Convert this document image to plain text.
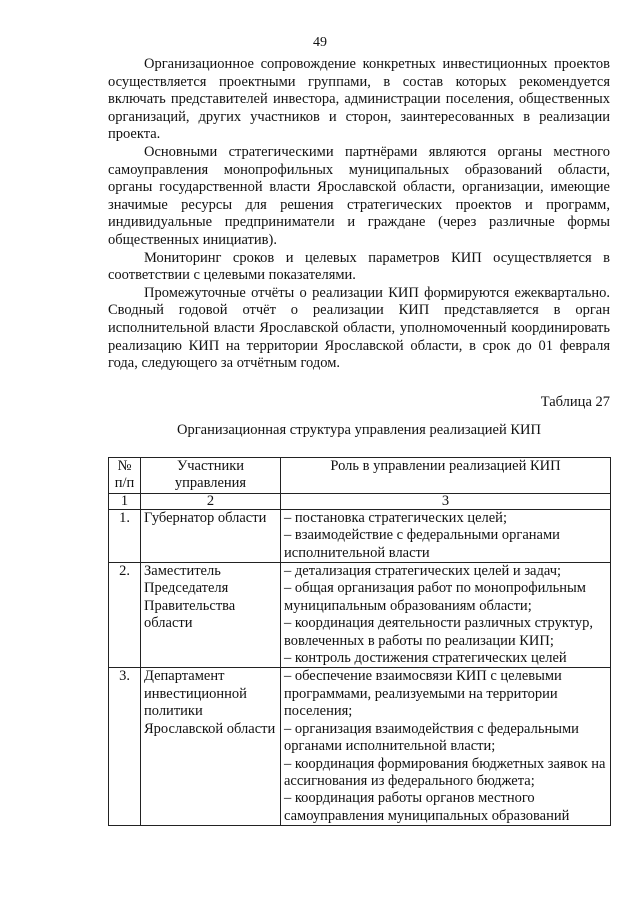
49

Организационное сопровождение конкретных инвестиционных проектов осуществляется проектными группами, в состав которых рекомендуется включать представителей инвестора, администрации поселения, общественных организаций, других участников и сторон, заинтересованных в реализации проекта.

Основными стратегическими партнёрами являются органы местного самоуправления монопрофильных муниципальных образований области, органы государственной власти Ярославской области, организации, имеющие значимые ресурсы для решения стратегических проектов и программ, индивидуальные предприниматели и граждане (через различные формы общественных инициатив).

Мониторинг сроков и целевых параметров КИП осуществляется в соответствии с целевыми показателями.

Промежуточные отчёты о реализации КИП формируются ежеквартально. Сводный годовой отчёт о реализации КИП представляется в орган исполнительной власти Ярославской области, уполномоченный координировать реализацию КИП на территории Ярославской области, в срок до 01 февраля года, следующего за отчётным годом.

Таблица 27
Организационная структура управления реализацией КИП
№ п/п	Участники управления	Роль в управлении реализацией КИП
1	2	3
1.	Губернатор области	– постановка стратегических целей;
– взаимодействие с федеральными органами исполнительной власти

2.	Заместитель Председателя Правительства области	– детализация стратегических целей и задач;
– общая организация работ по монопрофильным муниципальным образованиям области;
– координация деятельности различных структур, вовлеченных в работы по реализации КИП;
– контроль достижения стратегических целей

3.	Департамент инвестиционной политики Ярославской области	– обеспечение взаимосвязи КИП с целевыми программами, реализуемыми на территории поселения;
– организация взаимодействия с федеральными органами исполнительной власти;
– координация формирования бюджетных заявок на ассигнования из федерального бюджета;
– координация работы органов местного самоуправления муниципальных образований
